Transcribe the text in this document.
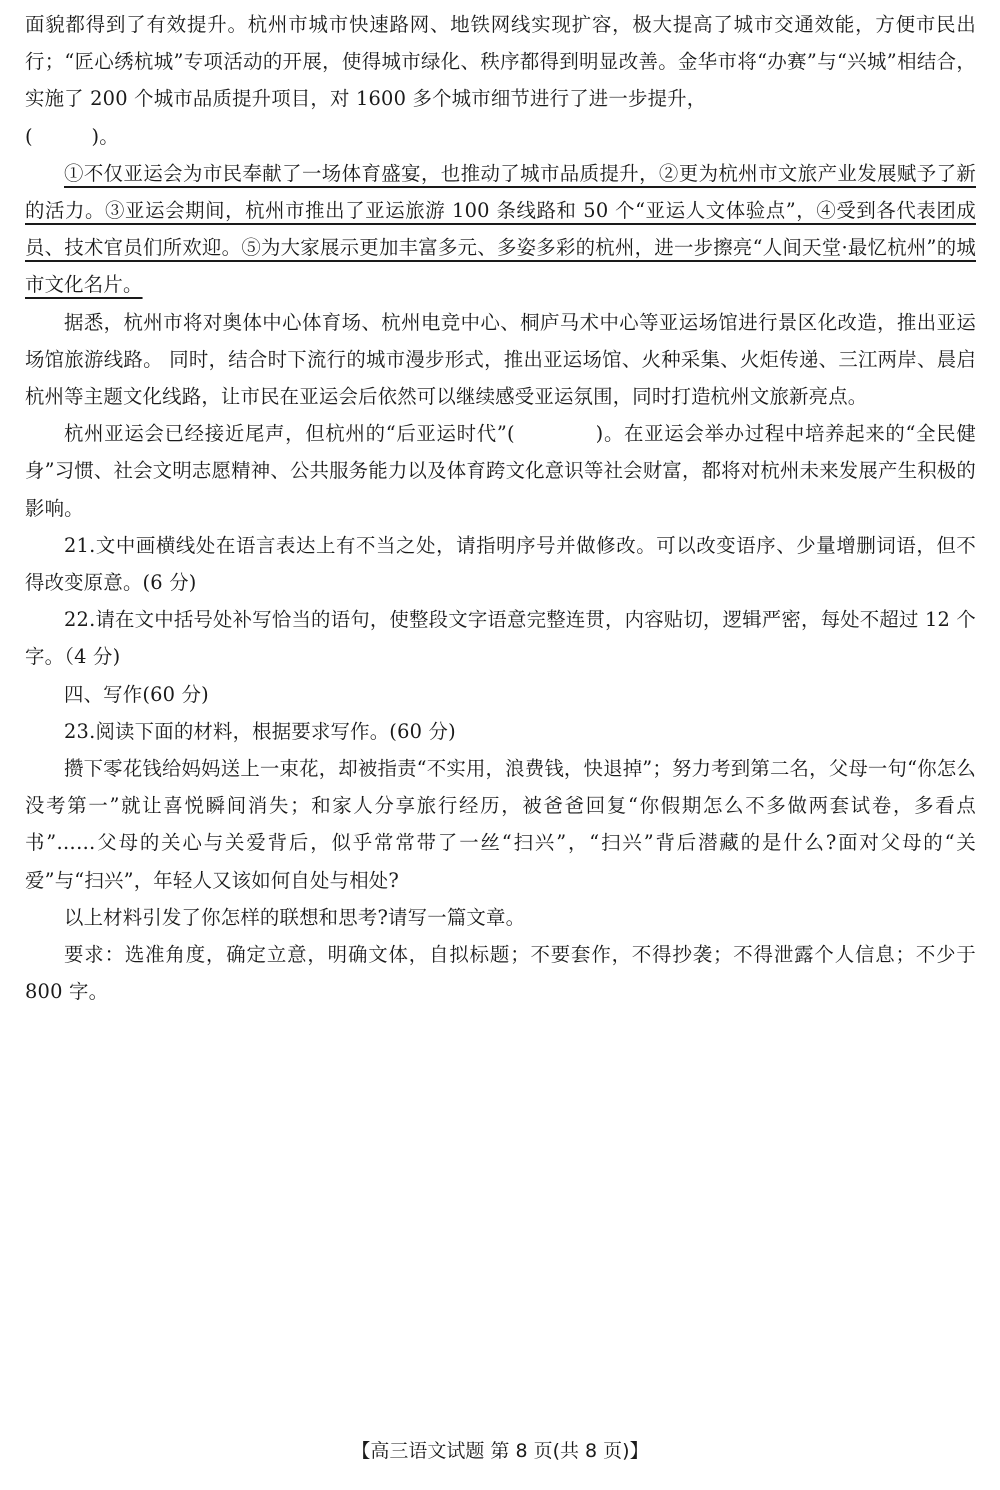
面貌都得到了有效提升。杭州市城市快速路网、地铁网线实现扩容，极大提高了城市交通效能，方便市民出行；“匠心绣杭城”专项活动的开展，使得城市绿化、秩序都得到明显改善。金华市将“办赛”与“兴城”相结合，实施了 200 个城市品质提升项目，对 1600 多个城市细节进行了进一步提升，
(　　　)。

①不仅亚运会为市民奉献了一场体育盛宴，也推动了城市品质提升，②更为杭州市文旅产业发展赋予了新的活力。③亚运会期间，杭州市推出了亚运旅游 100 条线路和 50 个“亚运人文体验点”，④受到各代表团成员、技术官员们所欢迎。⑤为大家展示更加丰富多元、多姿多彩的杭州，进一步擦亮“人间天堂·最忆杭州”的城市文化名片。

据悉，杭州市将对奥体中心体育场、杭州电竞中心、桐庐马术中心等亚运场馆进行景区化改造，推出亚运场馆旅游线路。 同时，结合时下流行的城市漫步形式，推出亚运场馆、火种采集、火炬传递、三江两岸、晨启杭州等主题文化线路，让市民在亚运会后依然可以继续感受亚运氛围，同时打造杭州文旅新亮点。

杭州亚运会已经接近尾声，但杭州的“后亚运时代”(　　　　)。在亚运会举办过程中培养起来的“全民健身”习惯、社会文明志愿精神、公共服务能力以及体育跨文化意识等社会财富，都将对杭州未来发展产生积极的影响。

21.文中画横线处在语言表达上有不当之处，请指明序号并做修改。可以改变语序、少量增删词语，但不得改变原意。(6 分)

22.请在文中括号处补写恰当的语句，使整段文字语意完整连贯，内容贴切，逻辑严密，每处不超过 12 个字。（4 分)

四、写作(60 分)

23.阅读下面的材料，根据要求写作。(60 分)

攒下零花钱给妈妈送上一束花，却被指责“不实用，浪费钱，快退掉”；努力考到第二名，父母一句“你怎么没考第一”就让喜悦瞬间消失；和家人分享旅行经历，被爸爸回复“你假期怎么不多做两套试卷，多看点书”……父母的关心与关爱背后，似乎常常带了一丝“扫兴”，“扫兴”背后潜藏的是什么?面对父母的“关爱”与“扫兴”，年轻人又该如何自处与相处?

以上材料引发了你怎样的联想和思考?请写一篇文章。

要求：选准角度，确定立意，明确文体，自拟标题；不要套作，不得抄袭；不得泄露个人信息；不少于 800 字。

【高三语文试题 第 8 页(共 8 页)】
